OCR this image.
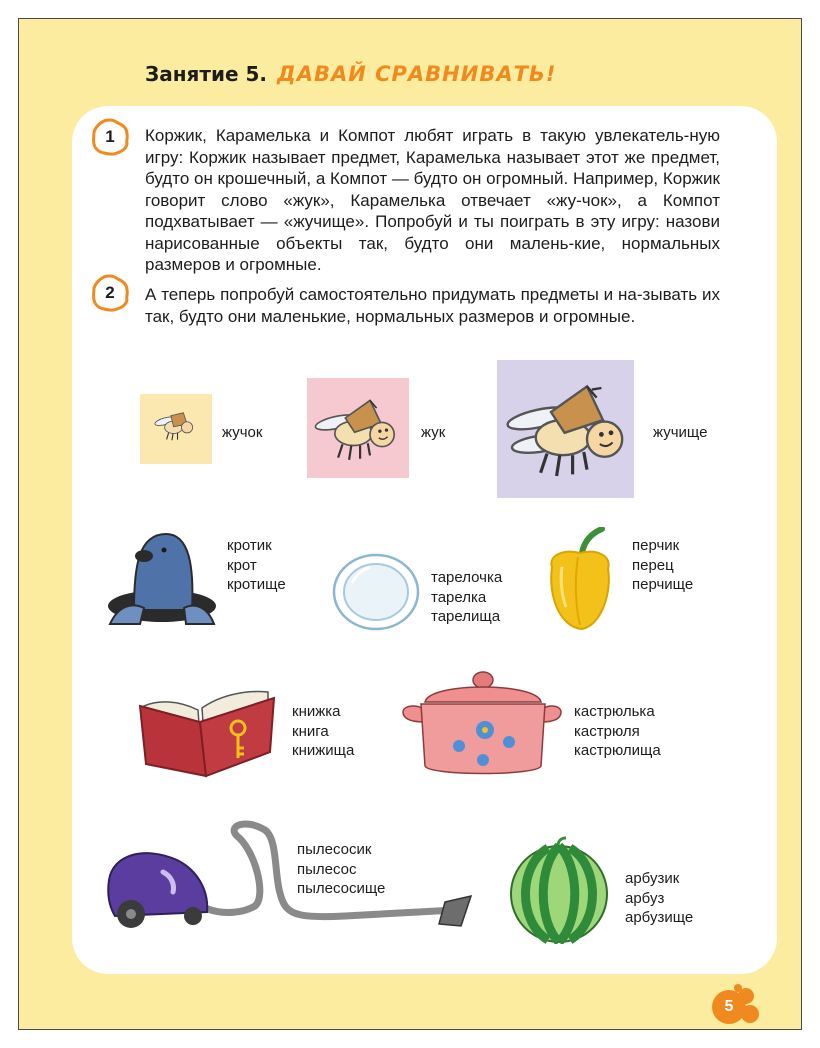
Занятие 5. ДАВАЙ СРАВНИВАТЬ!
1	Коржик, Карамелька и Компот любят играть в такую увлекатель-ную игру: Коржик называет предмет, Карамелька называет этот же предмет, будто он крошечный, а Компот — будто он огромный. Например, Коржик говорит слово «жук», Карамелька отвечает «жу-чок», а Компот подхватывает — «жучище». Попробуй и ты поиграть в эту игру: назови нарисованные объекты так, будто они малень-кие, нормальных размеров и огромные.

2	А теперь попробуй самостоятельно придумать предметы и на-зывать их так, будто они маленькие, нормальных размеров и огромные.

жучок	жук	жучище
кротик
крот
кротище	тарелочка
тарелка
тарелища
перчик
перец
перчище
книжка
книга
книжища
кастрюлька
кастрюля
кастрюлища
пылесосик
пылесос
пылесосище
арбузик
арбуз
арбузище
5
